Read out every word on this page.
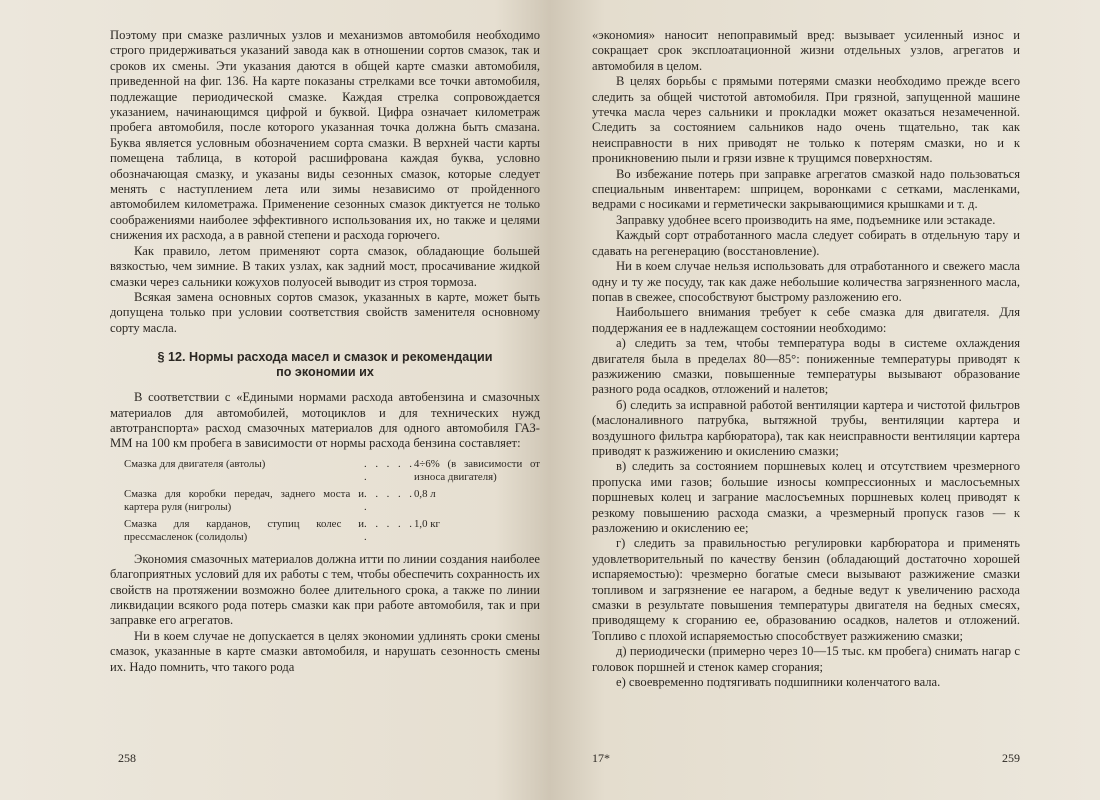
Поэтому при смазке различных узлов и механизмов автомобиля необходимо строго придерживаться указаний завода как в отношении сортов смазок, так и сроков их смены. Эти указания даются в общей карте смазки автомобиля, приведенной на фиг. 136. На карте показаны стрелками все точки автомобиля, подлежащие периодической смазке. Каждая стрелка сопровождается указанием, начинающимся цифрой и буквой. Цифра означает километраж пробега автомобиля, после которого указанная точка должна быть смазана. Буква является условным обозначением сорта смазки. В верхней части карты помещена таблица, в которой расшифрована каждая буква, условно обозначающая смазку, и указаны виды сезонных смазок, которые следует менять с наступлением лета или зимы независимо от пройденного автомобилем километража. Применение сезонных смазок диктуется не только соображениями наиболее эффективного использования их, но также и целями снижения их расхода, а в равной степени и расхода горючего.

Как правило, летом применяют сорта смазок, обладающие большей вязкостью, чем зимние. В таких узлах, как задний мост, просачивание жидкой смазки через сальники кожухов полуосей выводит из строя тормоза.

Всякая замена основных сортов смазок, указанных в карте, может быть допущена только при условии соответствия свойств заменителя основному сорту масла.

§ 12. Нормы расхода масел и смазок и рекомендации по экономии их

В соответствии с «Едиными нормами расхода автобензина и смазочных материалов для автомобилей, мотоциклов и для технических нужд автотранспорта» расход смазочных материалов для одного автомобиля ГАЗ-ММ на 100 км пробега в зависимости от нормы расхода бензина составляет:

Смазка для двигателя (автолы)	. . . . . .
4÷6% (в зависимости от износа двигателя)
Смазка для коробки передач, заднего моста и картера руля (нигролы)
. . . . . .
0,8 л
Смазка для карданов, ступиц колес и прессмасленок (солидолы)
. . . . . .
1,0 кг

Экономия смазочных материалов должна итти по линии создания наиболее благоприятных условий для их работы с тем, чтобы обеспечить сохранность их свойств на протяжении возможно более длительного срока, а также по линии ликвидации всякого рода потерь смазки как при работе автомобиля, так и при заправке его агрегатов.

Ни в коем случае не допускается в целях экономии удлинять сроки смены смазок, указанные в карте смазки автомобиля, и нарушать сезонность смены их. Надо помнить, что такого рода

258

«экономия» наносит непоправимый вред: вызывает усиленный износ и сокращает срок эксплоатационной жизни отдельных узлов, агрегатов и автомобиля в целом.

В целях борьбы с прямыми потерями смазки необходимо прежде всего следить за общей чистотой автомобиля. При грязной, запущенной машине утечка масла через сальники и прокладки может оказаться незамеченной. Следить за состоянием сальников надо очень тщательно, так как неисправности в них приводят не только к потерям смазки, но и к проникновению пыли и грязи извне к трущимся поверхностям.

Во избежание потерь при заправке агрегатов смазкой надо пользоваться специальным инвентарем: шприцем, воронками с сетками, масленками, ведрами с носиками и герметически закрывающимися крышками и т. д.

Заправку удобнее всего производить на яме, подъемнике или эстакаде.

Каждый сорт отработанного масла следует собирать в отдельную тару и сдавать на регенерацию (восстановление).

Ни в коем случае нельзя использовать для отработанного и свежего масла одну и ту же посуду, так как даже небольшие количества загрязненного масла, попав в свежее, способствуют быстрому разложению его.

Наибольшего внимания требует к себе смазка для двигателя. Для поддержания ее в надлежащем состоянии необходимо:

а) следить за тем, чтобы температура воды в системе охлаждения двигателя была в пределах 80—85°: пониженные температуры приводят к разжижению смазки, повышенные температуры вызывают образование разного рода осадков, отложений и налетов;

б) следить за исправной работой вентиляции картера и чистотой фильтров (маслоналивного патрубка, вытяжной трубы, вентиляции картера и воздушного фильтра карбюратора), так как неисправности вентиляции картера приводят к разжижению и окислению смазки;

в) следить за состоянием поршневых колец и отсутствием чрезмерного пропуска ими газов; большие износы компрессионных и маслосъемных поршневых колец и заграние маслосъемных поршневых колец приводят к резкому повышению расхода смазки, а чрезмерный пропуск газов — к разложению и окислению ее;

г) следить за правильностью регулировки карбюратора и применять удовлетворительный по качеству бензин (обладающий достаточно хорошей испаряемостью): чрезмерно богатые смеси вызывают разжижение смазки топливом и загрязнение ее нагаром, а бедные ведут к увеличению расхода смазки в результате повышения температуры двигателя на бедных смесях, приводящему к сгоранию ее, образованию осадков, налетов и отложений. Топливо с плохой испаряемостью способствует разжижению смазки;

д) периодически (примерно через 10—15 тыс. км пробега) снимать нагар с головок поршней и стенок камер сгорания;

е) своевременно подтягивать подшипники коленчатого вала.

17*	259
